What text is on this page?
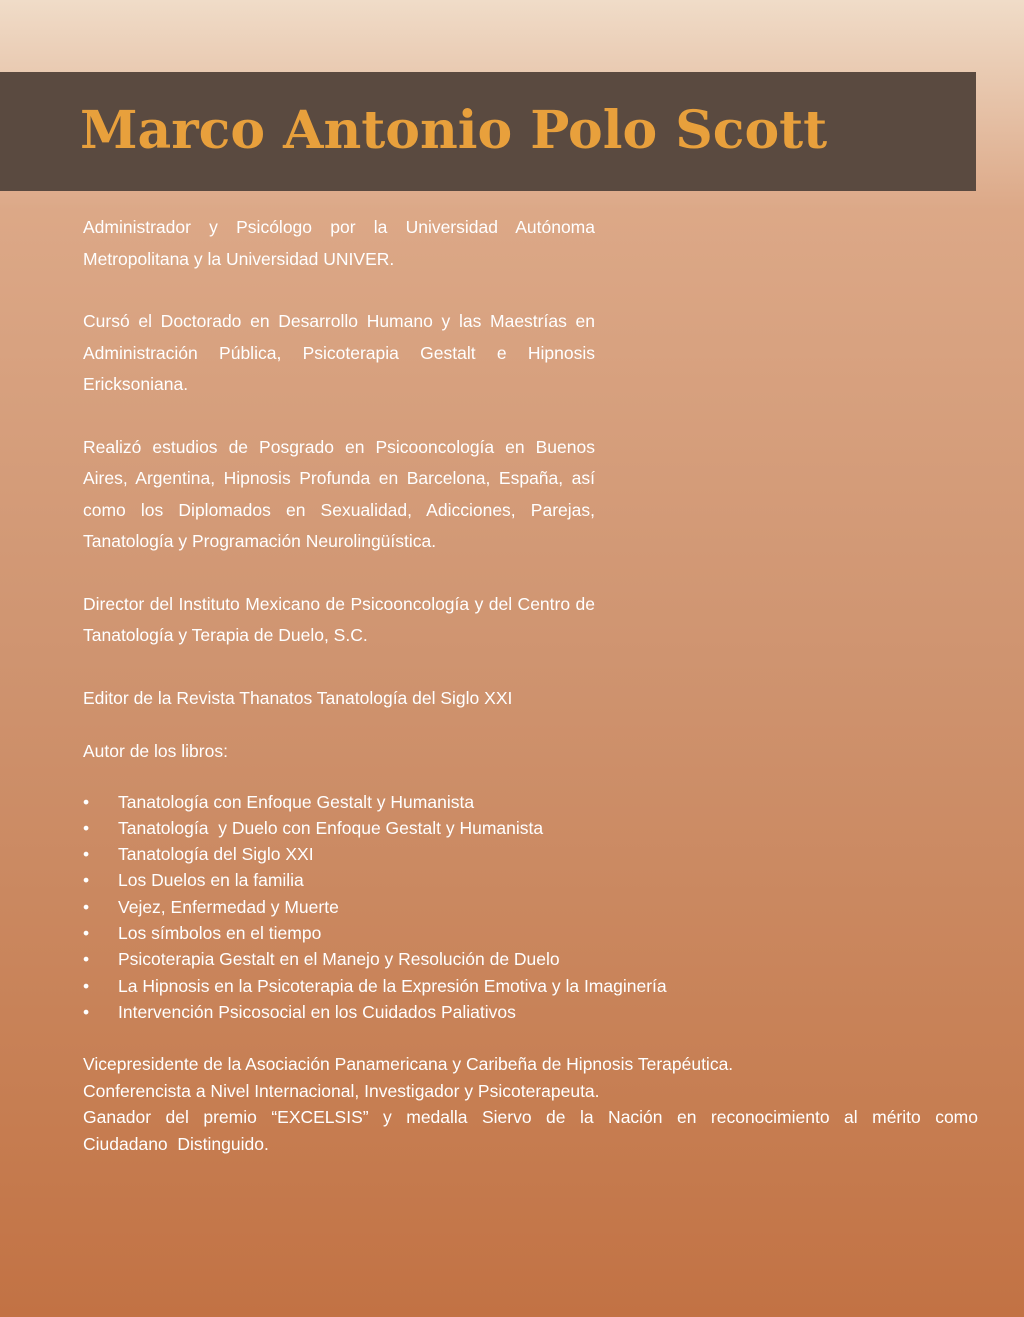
Marco Antonio Polo Scott

Administrador y Psicólogo por la Universidad Autónoma Metropolitana y la Universidad UNIVER.

Cursó el Doctorado en Desarrollo Humano y las Maestrías en Administración Pública, Psicoterapia Gestalt e Hipnosis Ericksoniana.

Realizó estudios de Posgrado en Psicooncología en Buenos Aires, Argentina, Hipnosis Profunda en Barcelona, España, así como los Diplomados en Sexualidad, Adicciones, Parejas, Tanatología y Programación Neurolingüística.

Director del Instituto Mexicano de Psicooncología y del Centro de Tanatología y Terapia de Duelo, S.C.

Editor de la Revista Thanatos Tanatología del Siglo XXI

Autor de los libros:

• Tanatología con Enfoque Gestalt y Humanista
• Tanatología  y Duelo con Enfoque Gestalt y Humanista
• Tanatología del Siglo XXI
• Los Duelos en la familia
• Vejez, Enfermedad y Muerte
• Los símbolos en el tiempo
• Psicoterapia Gestalt en el Manejo y Resolución de Duelo
• La Hipnosis en la Psicoterapia de la Expresión Emotiva y la Imaginería
• Intervención Psicosocial en los Cuidados Paliativos
Vicepresidente de la Asociación Panamericana y Caribeña de Hipnosis Terapéutica.
Conferencista a Nivel Internacional, Investigador y Psicoterapeuta.
Ganador del premio “EXCELSIS” y medalla Siervo de la Nación en reconocimiento al mérito como
Ciudadano  Distinguido.
